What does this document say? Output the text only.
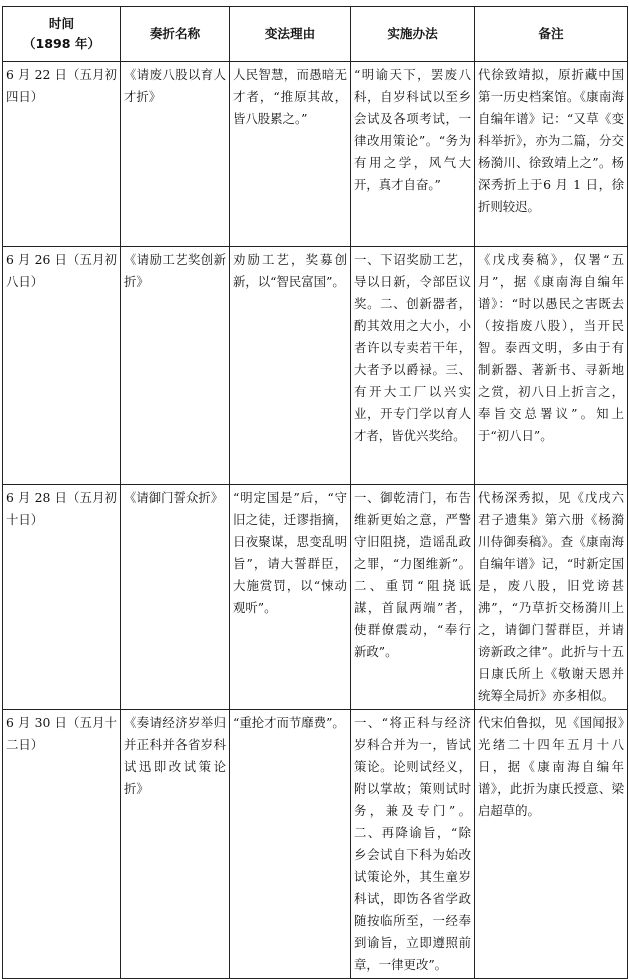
时间
（1898 年）	奏折名称	变法理由	实施办法	备注
6 月 22 日（五月初四日）	《请废八股以育人才折》	人民智慧，而愚暗无才者，“推原其故，皆八股累之。”	“明谕天下，罢废八科，自岁科试以至乡会试及各项考试，一律改用策论”。“务为有用之学，风气大开，真才自奋。”	代徐致靖拟，原折藏中国第一历史档案馆。《康南海自编年谱》记：“又草《变科举折》，亦为二篇，分交杨漪川、徐致靖上之”。杨深秀折上于6 月 1 日，徐折则较迟。
6 月 26 日（五月初八日）	《请励工艺奖创新折》	劝励工艺，奖募创新，以“智民富国”。	一、下诏奖励工艺，导以日新，令部臣议奖。二、创新器者，酌其效用之大小，小者许以专卖若干年，大者予以爵禄。三、有开大工厂以兴实业，开专门学以育人才者，皆优兴奖给。	《戊戌奏稿》，仅署“五月”，据《康南海自编年谱》：“时以愚民之害既去（按指废八股），当开民智。泰西文明，多由于有制新器、著新书、寻新地之赏，初八日上折言之，奉旨交总署议”。知上于“初八日”。
6 月 28 日（五月初十日）	《请御门誓众折》	“明定国是”后，“守旧之徒，迁谬指摘，日夜聚谋，思变乱明旨”，请大誓群臣，大施赏罚，以“悚动观听”。	一、御乾清门，布告维新更始之意，严警守旧阻挠，造谣乱政之罪，“力图维新”。二、重罚“阻挠诋謀，首鼠两端”者，使群僚震动，“奉行新政”。	代杨深秀拟，见《戊戌六君子遗集》第六册《杨漪川侍御奏稿》。查《康南海自编年谱》记，“时新定国是，废八股，旧党谤甚沸”，“乃草折交杨漪川上之，请御门誓群臣，并请谤新政之律”。此折与十五日康氏所上《敬谢天恩并统筹全局折》亦多相似。
6 月 30 日（五月十二日）	《奏请经济岁举归并正科并各省岁科试迅即改试策论折》	“重抡才而节靡费”。	一、“将正科与经济岁科合并为一，皆试策论。论则试经义，附以掌故；策则试时务，兼及专门”。二、再降谕旨，“除乡会试自下科为始改试策论外，其生童岁科试，即饬各省学政随按临所至，一经奉到谕旨，立即遵照前章，一律更改”。	代宋伯鲁拟，见《国闻报》光绪二十四年五月十八日，据《康南海自编年谱》，此折为康氏授意、梁启超草的。
